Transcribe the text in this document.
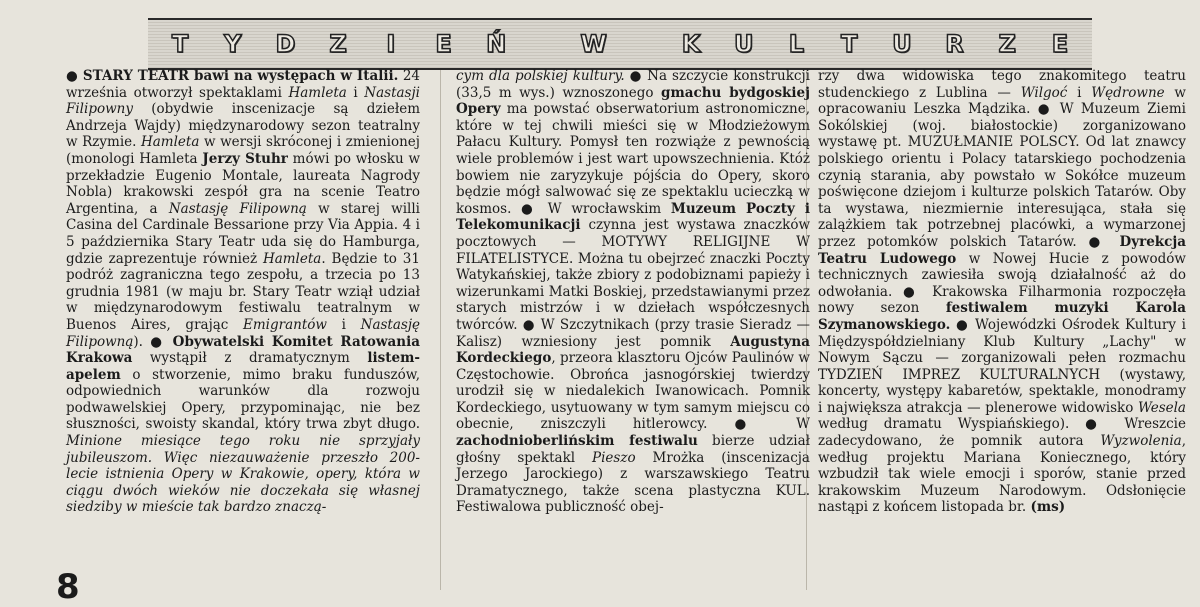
T	Y	D	Z	I	E	Ń	W	K	U	L	T	U	R	Z	E

● STARY TEATR bawi na występach w Italii. 24 września otworzył spektaklami Hamleta i Nastasji Filipowny (obydwie inscenizacje są dziełem Andrzeja Wajdy) międzynarodowy sezon teatralny w Rzymie. Hamleta w wersji skróconej i zmienionej (monologi Hamleta Jerzy Stuhr mówi po włosku w przekładzie Eugenio Montale, laureata Nagrody Nobla) krakowski zespół gra na scenie Teatro Argentina, a Nastasję Filipowną w starej willi Casina del Cardinale Bessarione przy Via Appia. 4 i 5 października Stary Teatr uda się do Hamburga, gdzie zaprezentuje również Hamleta. Będzie to 31 podróż zagraniczna tego zespołu, a trzecia po 13 grudnia 1981 (w maju br. Stary Teatr wziął udział w międzynarodowym festiwalu teatralnym w Buenos Aires, grając Emigrantów i Nastasję Filipowną). ● Obywatelski Komitet Ratowania Krakowa wystąpił z dramatycznym listem-apelem o stworzenie, mimo braku funduszów, odpowiednich warunków dla rozwoju podwawelskiej Opery, przypominając, nie bez słuszności, swoisty skandal, który trwa zbyt długo. Minione miesiące tego roku nie sprzyjały jubileuszom. Więc niezauważenie przeszło 200-lecie istnienia Opery w Krakowie, opery, która w ciągu dwóch wieków nie doczekała się własnej siedziby w mieście tak bardzo znaczą-

cym dla polskiej kultury. ● Na szczycie konstrukcji (33,5 m wys.) wznoszonego gmachu bydgoskiej Opery ma powstać obserwatorium astronomiczne, które w tej chwili mieści się w Młodzieżowym Pałacu Kultury. Pomysł ten rozwiąże z pewnością wiele problemów i jest wart upowszechnienia. Któż bowiem nie zaryzykuje pójścia do Opery, skoro będzie mógł salwować się ze spektaklu ucieczką w kosmos. ● W wrocławskim Muzeum Poczty i Telekomunikacji czynna jest wystawa znaczków pocztowych — MOTYWY RELIGIJNE W FILATELISTYCE. Można tu obejrzeć znaczki Poczty Watykańskiej, także zbiory z podobiznami papieży i wizerunkami Matki Boskiej, przedstawianymi przez starych mistrzów i w dziełach współczesnych twórców. ● W Szczytnikach (przy trasie Sieradz — Kalisz) wzniesiony jest pomnik Augustyna Kordeckiego, przeora klasztoru Ojców Paulinów w Częstochowie. Obrońca jasnogórskiej twierdzy urodził się w niedalekich Iwanowicach. Pomnik Kordeckiego, usytuowany w tym samym miejscu co obecnie, zniszczyli hitlerowcy. ● W zachodnioberlińskim festiwalu bierze udział głośny spektakl Pieszo Mrożka (inscenizacja Jerzego Jarockiego) z warszawskiego Teatru Dramatycznego, także scena plastyczna KUL. Festiwalowa publiczność obej-

rzy dwa widowiska tego znakomitego teatru studenckiego z Lublina — Wilgoć i Wędrowne w opracowaniu Leszka Mądzika. ● W Muzeum Ziemi Sokólskiej (woj. białostockie) zorganizowano wystawę pt. MUZUŁMANIE POLSCY. Od lat znawcy polskiego orientu i Polacy tatarskiego pochodzenia czynią starania, aby powstało w Sokółce muzeum poświęcone dziejom i kulturze polskich Tatarów. Oby ta wystawa, niezmiernie interesująca, stała się zalążkiem tak potrzebnej placówki, a wymarzonej przez potomków polskich Tatarów. ● Dyrekcja Teatru Ludowego w Nowej Hucie z powodów technicznych zawiesiła swoją działalność aż do odwołania. ● Krakowska Filharmonia rozpoczęła nowy sezon festiwalem muzyki Karola Szymanowskiego. ● Wojewódzki Ośrodek Kultury i Międzyspółdzielniany Klub Kultury „Lachy" w Nowym Sączu — zorganizowali pełen rozmachu TYDZIEŃ IMPREZ KULTURALNYCH (wystawy, koncerty, występy kabaretów, spektakle, monodramy i największa atrakcja — plenerowe widowisko Wesela według dramatu Wyspiańskiego). ● Wreszcie zadecydowano, że pomnik autora Wyzwolenia, według projektu Mariana Koniecznego, który wzbudził tak wiele emocji i sporów, stanie przed krakowskim Muzeum Narodowym. Odsłonięcie nastąpi z końcem listopada br. (ms)

8
